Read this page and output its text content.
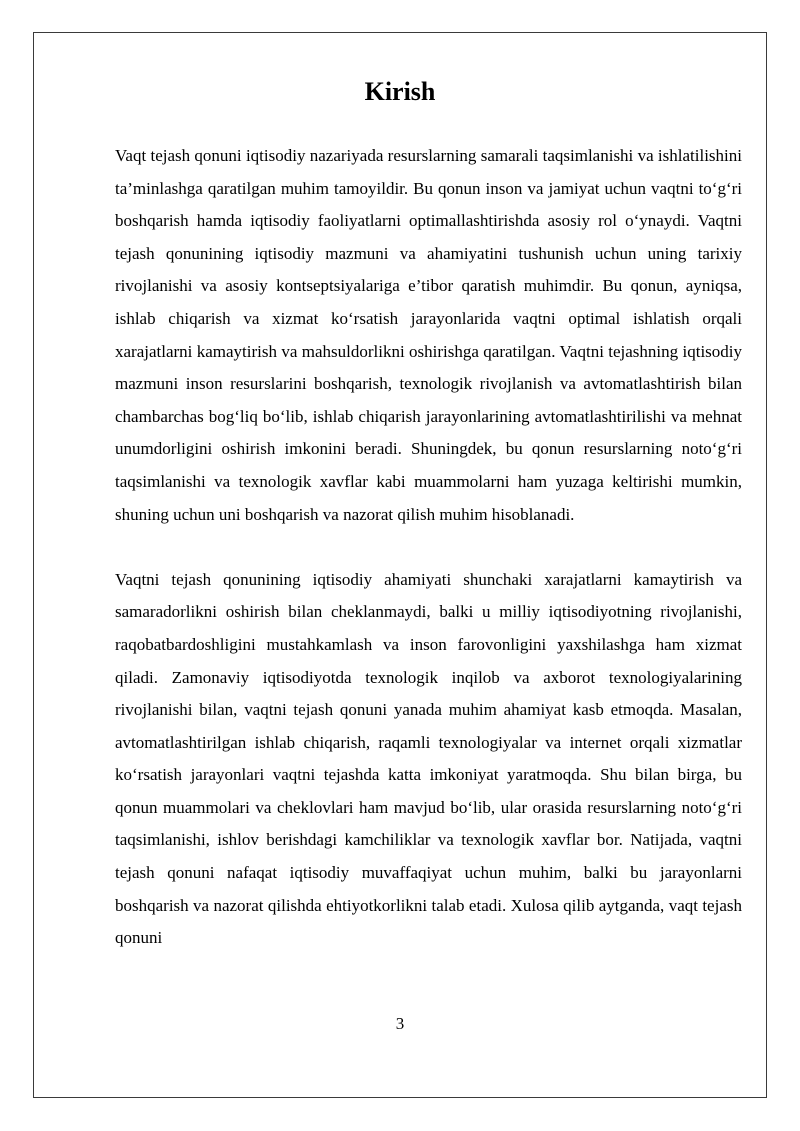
Kirish

Vaqt tejash qonuni iqtisodiy nazariyada resurslarning samarali taqsimlanishi va ishlatilishini ta’minlashga qaratilgan muhim tamoyildir. Bu qonun inson va jamiyat uchun vaqtni to‘g‘ri boshqarish hamda iqtisodiy faoliyatlarni optimallashtirishda asosiy rol o‘ynaydi. Vaqtni tejash qonunining iqtisodiy mazmuni va ahamiyatini tushunish uchun uning tarixiy rivojlanishi va asosiy kontseptsiyalariga e’tibor qaratish muhimdir. Bu qonun, ayniqsa, ishlab chiqarish va xizmat ko‘rsatish jarayonlarida vaqtni optimal ishlatish orqali xarajatlarni kamaytirish va mahsuldorlikni oshirishga qaratilgan. Vaqtni tejashning iqtisodiy mazmuni inson resurslarini boshqarish, texnologik rivojlanish va avtomatlashtirish bilan chambarchas bog‘liq bo‘lib, ishlab chiqarish jarayonlarining avtomatlashtirilishi va mehnat unumdorligini oshirish imkonini beradi. Shuningdek, bu qonun resurslarning noto‘g‘ri taqsimlanishi va texnologik xavflar kabi muammolarni ham yuzaga keltirishi mumkin, shuning uchun uni boshqarish va nazorat qilish muhim hisoblanadi.

Vaqtni tejash qonunining iqtisodiy ahamiyati shunchaki xarajatlarni kamaytirish va samaradorlikni oshirish bilan cheklanmaydi, balki u milliy iqtisodiyotning rivojlanishi, raqobatbardoshligini mustahkamlash va inson farovonligini yaxshilashga ham xizmat qiladi. Zamonaviy iqtisodiyotda texnologik inqilob va axborot texnologiyalarining rivojlanishi bilan, vaqtni tejash qonuni yanada muhim ahamiyat kasb etmoqda. Masalan, avtomatlashtirilgan ishlab chiqarish, raqamli texnologiyalar va internet orqali xizmatlar ko‘rsatish jarayonlari vaqtni tejashda katta imkoniyat yaratmoqda. Shu bilan birga, bu qonun muammolari va cheklovlari ham mavjud bo‘lib, ular orasida resurslarning noto‘g‘ri taqsimlanishi, ishlov berishdagi kamchiliklar va texnologik xavflar bor. Natijada, vaqtni tejash qonuni nafaqat iqtisodiy muvaffaqiyat uchun muhim, balki bu jarayonlarni boshqarish va nazorat qilishda ehtiyotkorlikni talab etadi. Xulosa qilib aytganda, vaqt tejash qonuni

3
